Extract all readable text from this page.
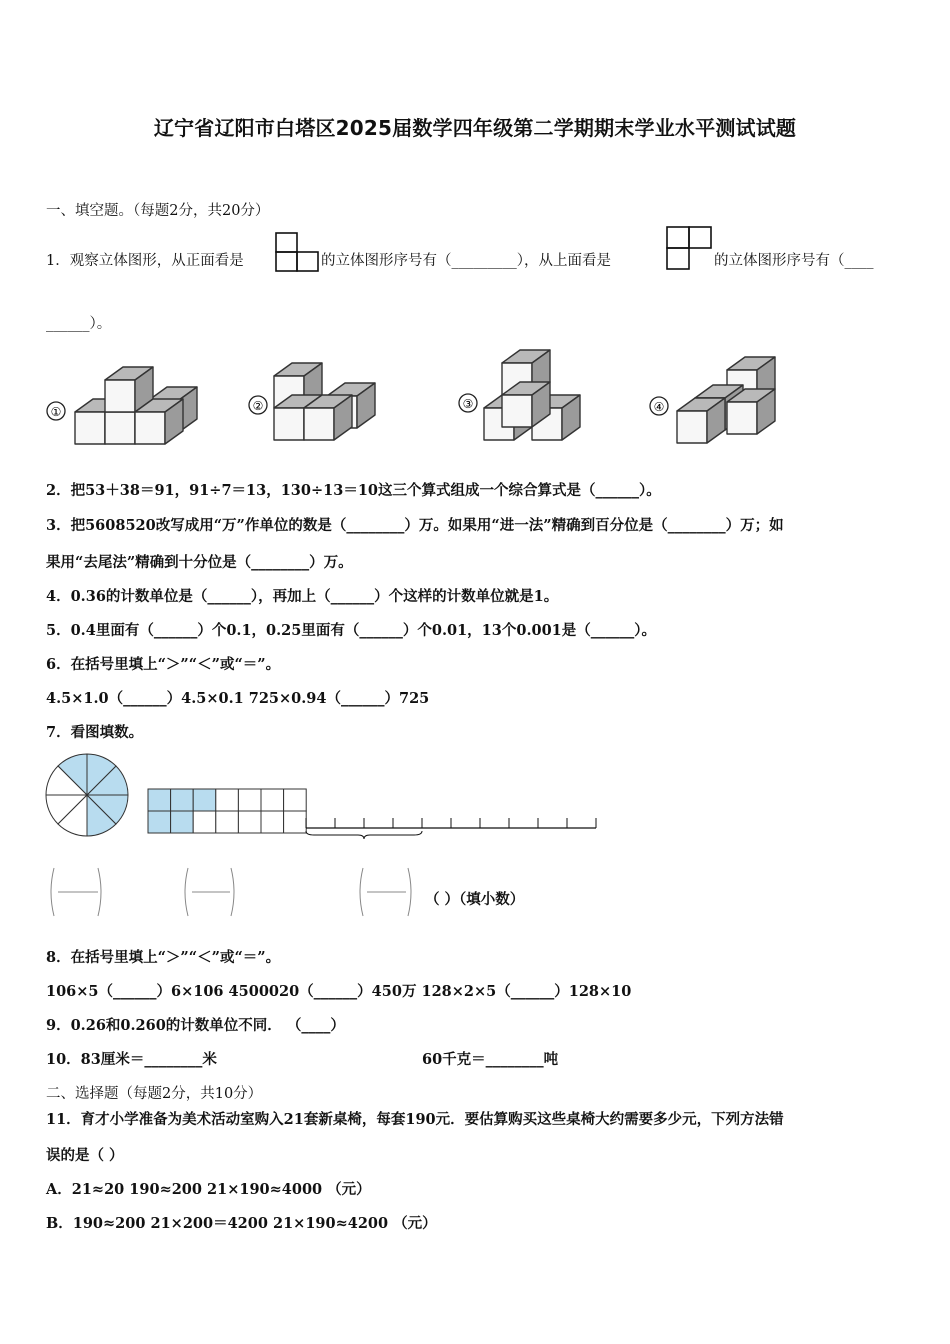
辽宁省辽阳市白塔区2025届数学四年级第二学期期末学业水平测试试题
一、填空题。（每题2分，共20分）
1．观察立体图形，从正面看是	的立体图形序号有（_________），从上面看是	的立体图形序号有（____
______）。
①	②	③	④
2．把53＋38＝91，91÷7＝13，130÷13＝10这三个算式组成一个综合算式是（______）。
3．把5608520改写成用“万”作单位的数是（________）万。如果用“进一法”精确到百分位是（________）万；如
果用“去尾法”精确到十分位是（________）万。
4．0.36的计数单位是（______），再加上（______）个这样的计数单位就是1。
5．0.4里面有（______）个0.1，0.25里面有（______）个0.01，13个0.001是（______）。
6．在括号里填上“＞”“＜”或“＝”。
4.5×1.0（______）4.5×0.1 725×0.94（______）725
7．看图填数。
（ ）（填小数）
8．在括号里填上“＞”“＜”或“＝”。
106×5（______）6×106 4500020（______）450万 128×2×5（______）128×10
9．0.26和0.260的计数单位不同． （____）
10．83厘米＝________米	60千克＝________吨
二、选择题（每题2分，共10分）
11．育才小学准备为美术活动室购入21套新桌椅，每套190元．要估算购买这些桌椅大约需要多少元，下列方法错
误的是（ ）
A．21≈20 190≈200 21×190≈4000 （元）
B．190≈200 21×200＝4200 21×190≈4200 （元）
